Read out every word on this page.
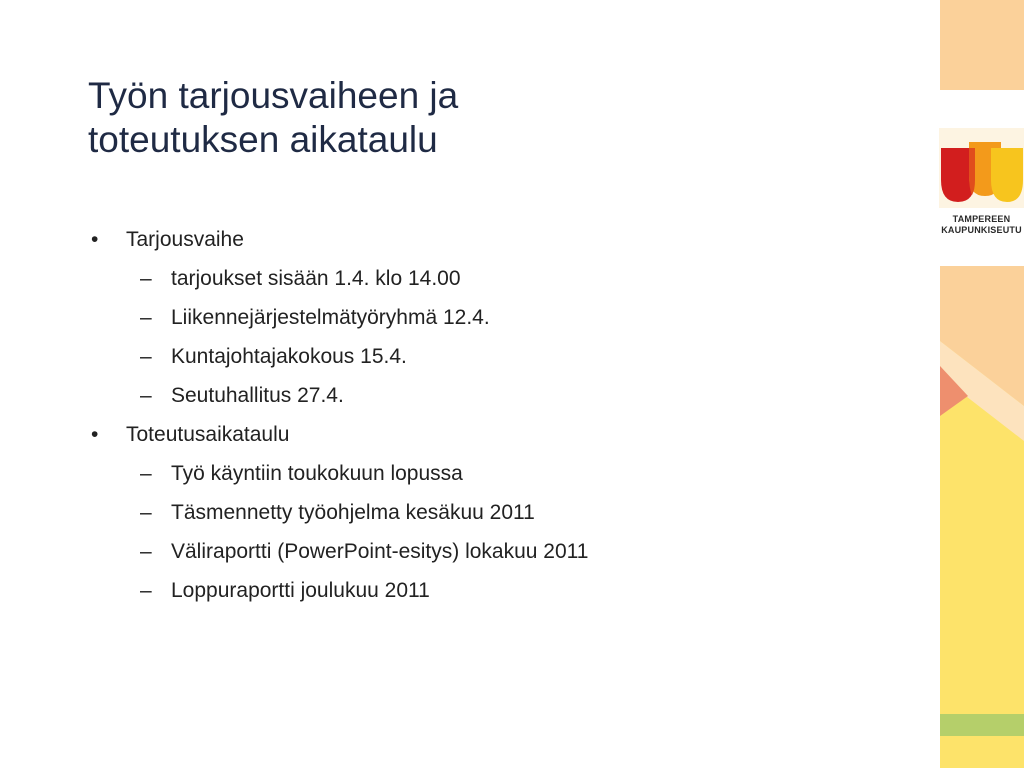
Työn tarjousvaiheen ja
toteutuksen aikataulu
• Tarjousvaihe
– tarjoukset sisään 1.4. klo 14.00
– Liikennejärjestelmätyöryhmä 12.4.
– Kuntajohtajakokous 15.4.
– Seutuhallitus 27.4.
• Toteutusaikataulu
– Työ käyntiin toukokuun lopussa
– Täsmennetty työohjelma kesäkuu 2011
– Väliraportti (PowerPoint-esitys) lokakuu 2011
– Loppuraportti joulukuu 2011
TAMPEREEN
KAUPUNKISEUTU
